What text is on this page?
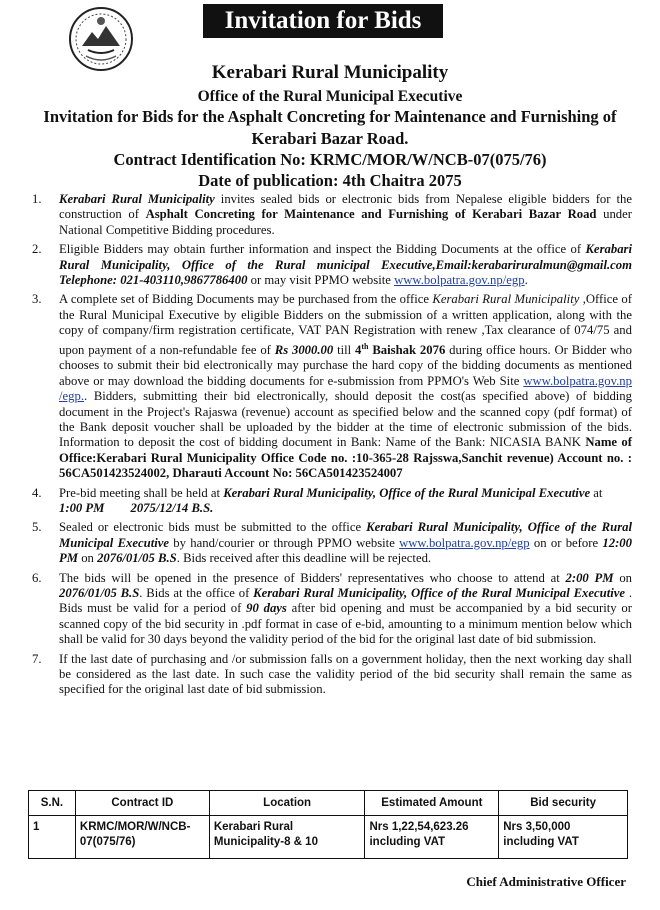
Invitation for Bids
Kerabari Rural Municipality
Office of the Rural Municipal Executive
Invitation for Bids for the Asphalt Concreting for Maintenance and Furnishing of Kerabari Bazar Road.
Contract Identification No: KRMC/MOR/W/NCB-07(075/76)
Date of publication: 4th Chaitra 2075
1. Kerabari Rural Municipality invites sealed bids or electronic bids from Nepalese eligible bidders for the construction of Asphalt Concreting for Maintenance and Furnishing of Kerabari Bazar Road under National Competitive Bidding procedures.
2. Eligible Bidders may obtain further information and inspect the Bidding Documents at the office of Kerabari Rural Municipality, Office of the Rural municipal Executive,Email:kerabariruralmun@gmail.com Telephone: 021-403110,9867786400 or may visit PPMO website www.bolpatra.gov.np/egp.
3. A complete set of Bidding Documents may be purchased from the office Kerabari Rural Municipality ,Office of the Rural Municipal Executive by eligible Bidders on the submission of a written application, along with the copy of company/firm registration certificate, VAT PAN Registration with renew ,Tax clearance of 074/75 and upon payment of a non-refundable fee of Rs 3000.00 till 4th Baishak 2076 during office hours. Or Bidder who chooses to submit their bid electronically may purchase the hard copy of the bidding documents as mentioned above or may download the bidding documents for e-submission from PPMO's Web Site www.bolpatra.gov.np /egp.. Bidders, submitting their bid electronically, should deposit the cost(as specified above) of bidding document in the Project's Rajaswa (revenue) account as specified below and the scanned copy (pdf format) of the Bank deposit voucher shall be uploaded by the bidder at the time of electronic submission of the bids. Information to deposit the cost of bidding document in Bank: Name of the Bank: NICASIA BANK Name of Office:Kerabari Rural Municipality Office Code no. :10-365-28 Rajsswa,Sanchit revenue) Account no. : 56CA501423524002, Dharauti Account No: 56CA501423524007
4. Pre-bid meeting shall be held at Kerabari Rural Municipality, Office of the Rural Municipal Executive at
1:00 PM 2075/12/14 B.S.
5. Sealed or electronic bids must be submitted to the office Kerabari Rural Municipality, Office of the Rural Municipal Executive by hand/courier or through PPMO website www.bolpatra.gov.np/egp on or before 12:00 PM on 2076/01/05 B.S. Bids received after this deadline will be rejected.
6. The bids will be opened in the presence of Bidders' representatives who choose to attend at 2:00 PM on 2076/01/05 B.S. Bids at the office of Kerabari Rural Municipality, Office of the Rural Municipal Executive . Bids must be valid for a period of 90 days after bid opening and must be accompanied by a bid security or scanned copy of the bid security in .pdf format in case of e-bid, amounting to a minimum mention below which shall be valid for 30 days beyond the validity period of the bid for the original last date of bid submission.
7. If the last date of purchasing and /or submission falls on a government holiday, then the next working day shall be considered as the last date. In such case the validity period of the bid security shall remain the same as specified for the original last date of bid submission.
S.N.	Contract ID	Location	Estimated Amount	Bid security
1	KRMC/MOR/W/NCB-07(075/76)	Kerabari Rural Municipality-8 & 10	Nrs 1,22,54,623.26 including VAT	Nrs 3,50,000 including VAT
Chief Administrative Officer
